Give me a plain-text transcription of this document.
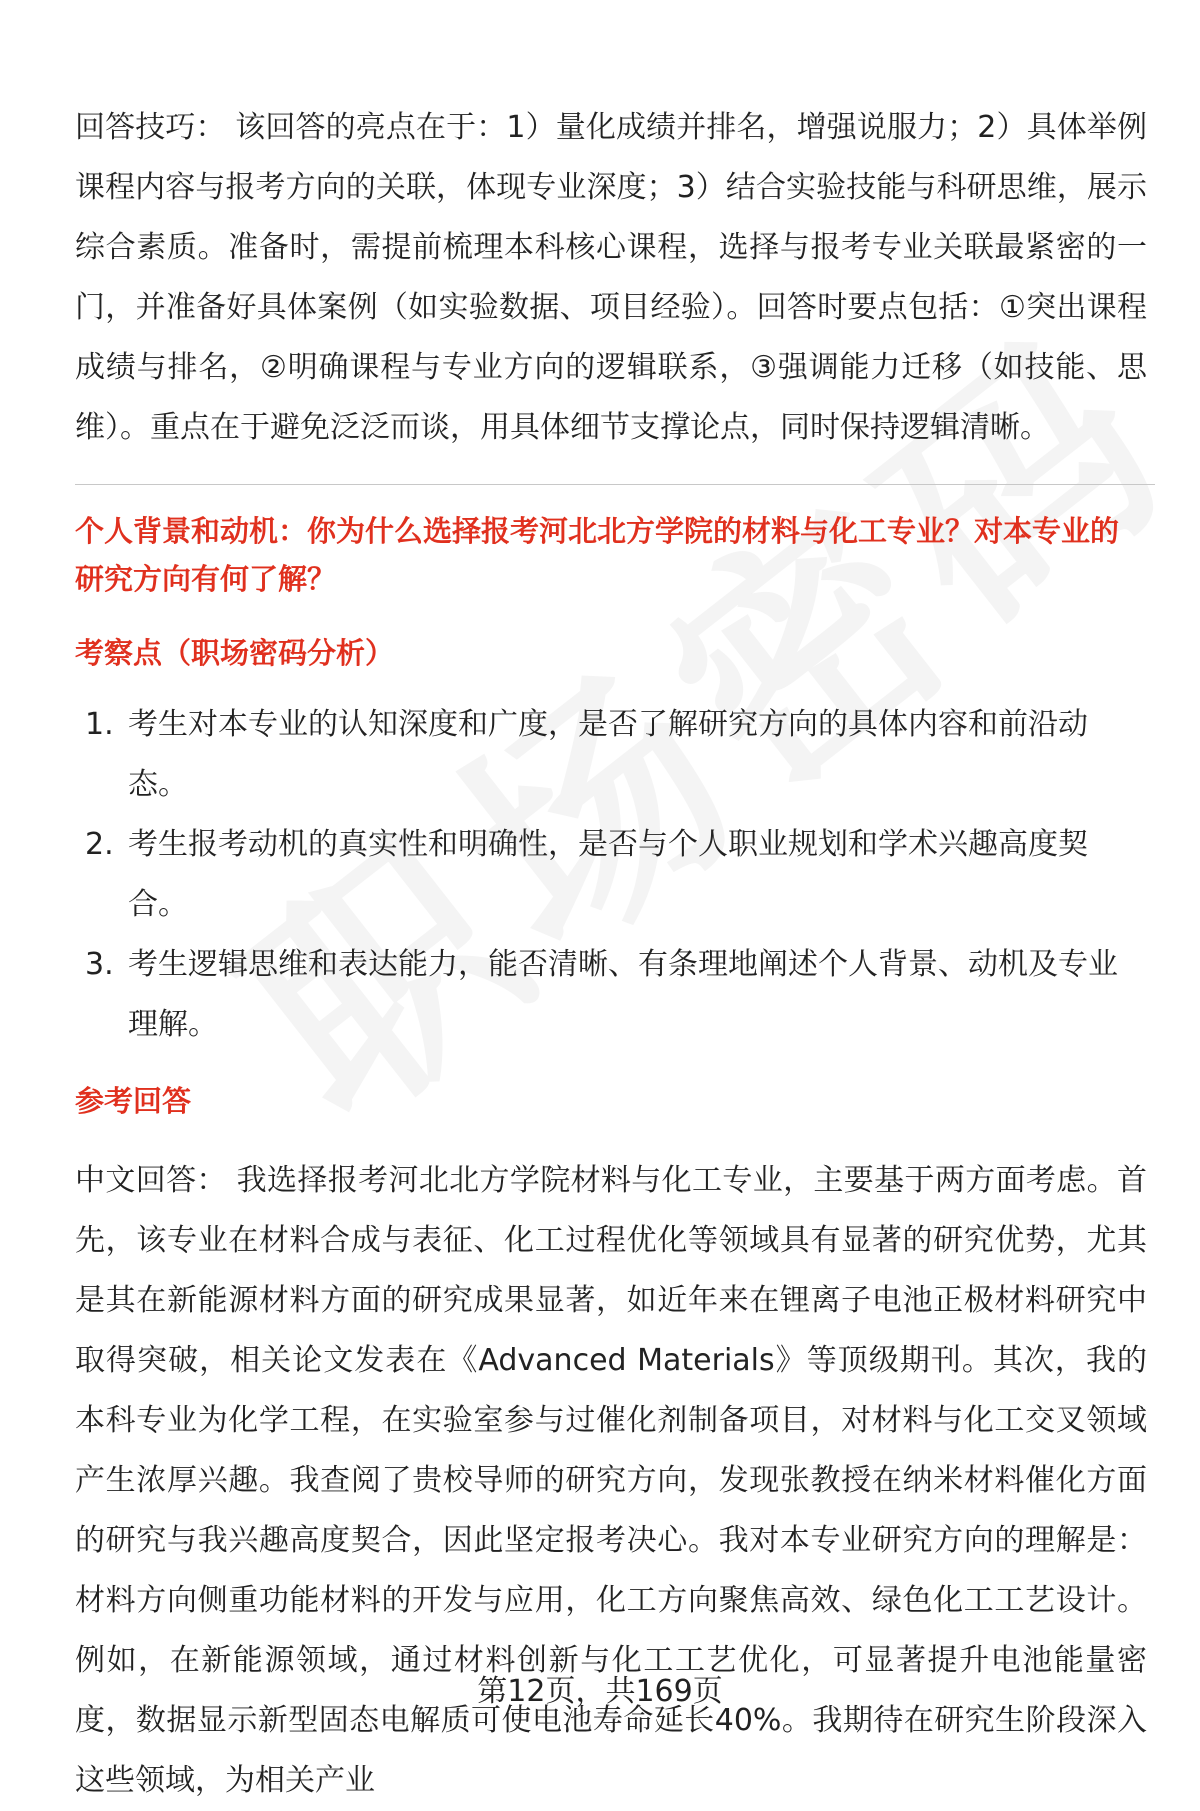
回答技巧： 该回答的亮点在于：1）量化成绩并排名，增强说服力；2）具体举例课程内容与报考方向的关联，体现专业深度；3）结合实验技能与科研思维，展示综合素质。准备时，需提前梳理本科核心课程，选择与报考专业关联最紧密的一门，并准备好具体案例（如实验数据、项目经验）。回答时要点包括：①突出课程成绩与排名，②明确课程与专业方向的逻辑联系，③强调能力迁移（如技能、思维）。重点在于避免泛泛而谈，用具体细节支撑论点，同时保持逻辑清晰。

个人背景和动机：你为什么选择报考河北北方学院的材料与化工专业？对本专业的研究方向有何了解？

考察点（职场密码分析）
1. 考生对本专业的认知深度和广度，是否了解研究方向的具体内容和前沿动态。
2. 考生报考动机的真实性和明确性，是否与个人职业规划和学术兴趣高度契合。
3. 考生逻辑思维和表达能力，能否清晰、有条理地阐述个人背景、动机及专业理解。
参考回答

中文回答： 我选择报考河北北方学院材料与化工专业，主要基于两方面考虑。首先，该专业在材料合成与表征、化工过程优化等领域具有显著的研究优势，尤其是其在新能源材料方面的研究成果显著，如近年来在锂离子电池正极材料研究中取得突破，相关论文发表在《Advanced Materials》等顶级期刊。其次，我的本科专业为化学工程，在实验室参与过催化剂制备项目，对材料与化工交叉领域产生浓厚兴趣。我查阅了贵校导师的研究方向，发现张教授在纳米材料催化方面的研究与我兴趣高度契合，因此坚定报考决心。我对本专业研究方向的理解是：材料方向侧重功能材料的开发与应用，化工方向聚焦高效、绿色化工工艺设计。例如，在新能源领域，通过材料创新与化工工艺优化，可显著提升电池能量密度，数据显示新型固态电解质可使电池寿命延长40%。我期待在研究生阶段深入这些领域，为相关产业

第12页，共169页
